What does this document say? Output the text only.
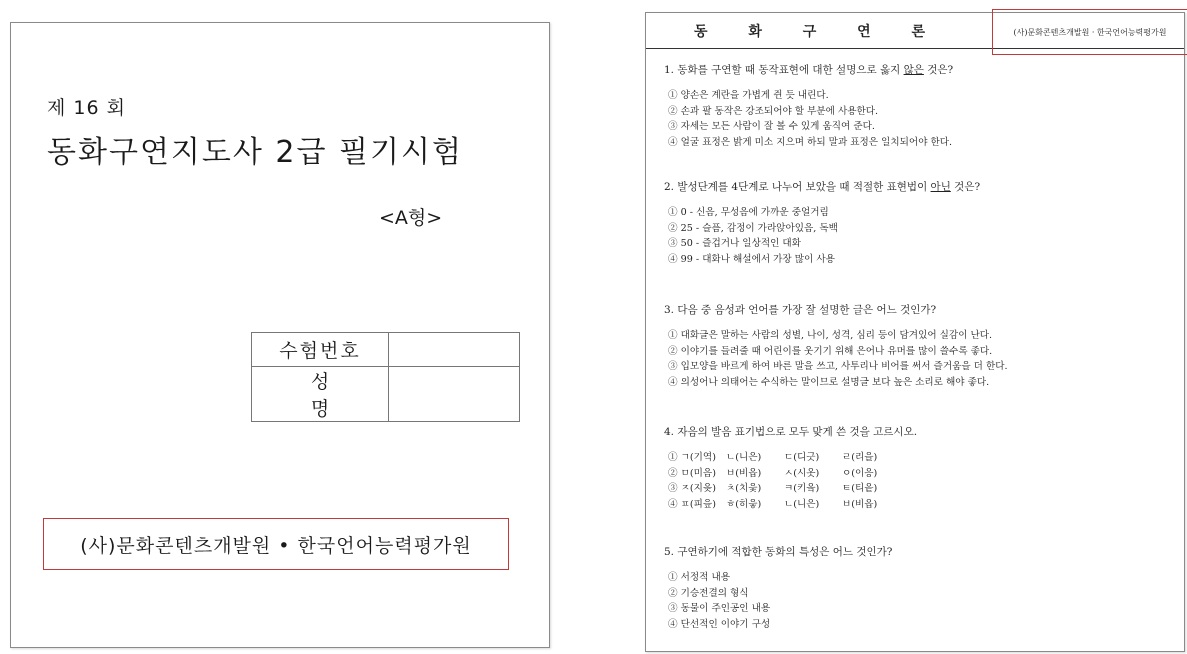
제 16 회
동화구연지도사 2급 필기시험
<A형>
수험번호	
성 명	
(사)문화콘텐츠개발원 • 한국언어능력평가원
동 화 구 연 론	(사)문화콘텐츠개발원 · 한국언어능력평가원
1. 동화를 구연할 때 동작표현에 대한 설명으로 옳지 않은 것은?
① 양손은 계란을 가볍게 쥔 듯 내린다.
② 손과 팔 동작은 강조되어야 할 부분에 사용한다.
③ 자세는 모든 사람이 잘 볼 수 있게 움직여 준다.
④ 얼굴 표정은 밝게 미소 지으며 하되 말과 표정은 일치되어야 한다.
2. 발성단계를 4단계로 나누어 보았을 때 적절한 표현법이 아닌 것은?
① 0 - 신음, 무성음에 가까운 중얼거림
② 25 - 슬픔, 감정이 가라앉아있음, 독백
③ 50 - 즐겁거나 일상적인 대화
④ 99 - 대화나 해설에서 가장 많이 사용
3. 다음 중 음성과 언어를 가장 잘 설명한 글은 어느 것인가?
① 대화글은 말하는 사람의 성별, 나이, 성격, 심리 등이 담겨있어 실감이 난다.
② 이야기를 들려줄 때 어린이를 웃기기 위해 은어나 유머를 많이 쓸수록 좋다.
③ 입모양을 바르게 하여 바른 말을 쓰고, 사투리나 비어를 써서 즐거움을 더 한다.
④ 의성어나 의태어는 수식하는 말이므로 설명글 보다 높은 소리로 해야 좋다.
4. 자음의 발음 표기법으로 모두 맞게 쓴 것을 고르시오.
① ㄱ(기역)	ㄴ(니은)	ㄷ(디긋)	ㄹ(리을)
② ㅁ(미음)	ㅂ(비읍)	ㅅ(시옷)	ㅇ(이응)
③ ㅈ(지읒)	ㅊ(치읓)	ㅋ(키읔)	ㅌ(티읕)
④ ㅍ(피읖)	ㅎ(히읗)	ㄴ(니은)	ㅂ(비읍)
5. 구연하기에 적합한 동화의 특성은 어느 것인가?
① 서정적 내용
② 기승전결의 형식
③ 동물이 주인공인 내용
④ 단선적인 이야기 구성
